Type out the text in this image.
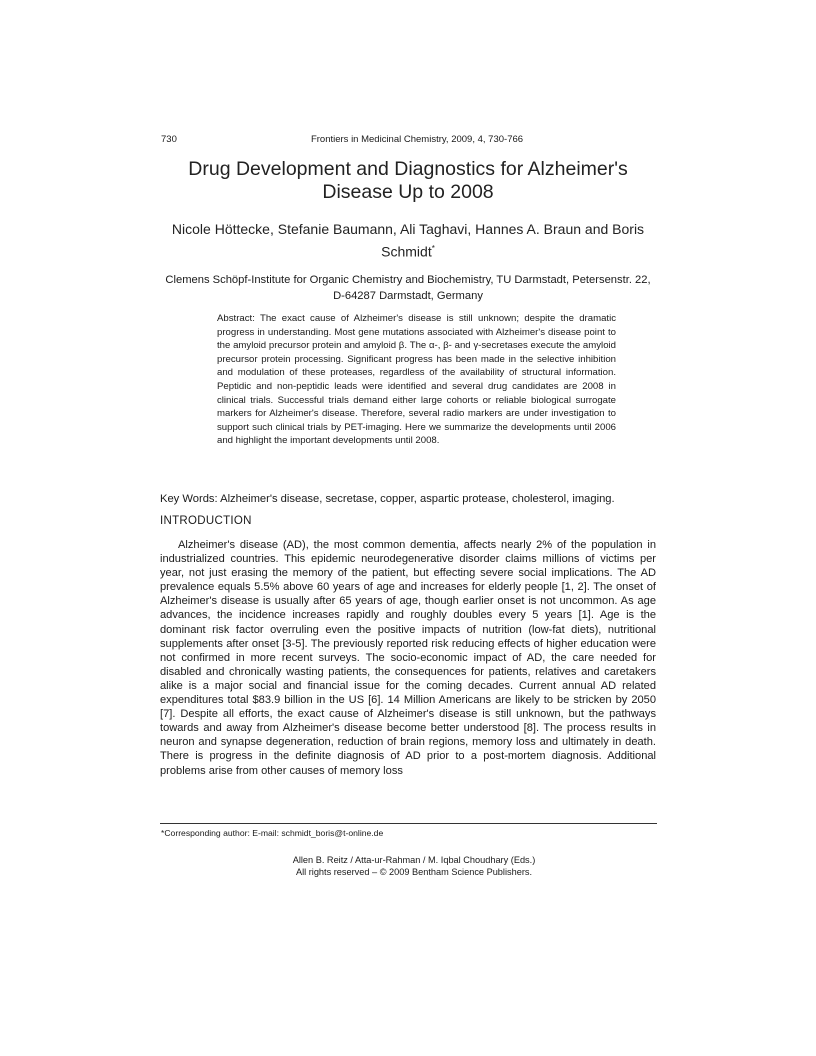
730	Frontiers in Medicinal Chemistry, 2009, 4, 730-766
Drug Development and Diagnostics for Alzheimer's Disease Up to 2008
Nicole Höttecke, Stefanie Baumann, Ali Taghavi, Hannes A. Braun and Boris Schmidt*
Clemens Schöpf-Institute for Organic Chemistry and Biochemistry, TU Darmstadt, Petersenstr. 22, D-64287 Darmstadt, Germany
Abstract: The exact cause of Alzheimer's disease is still unknown; despite the dramatic progress in understanding. Most gene mutations associated with Alzheimer's disease point to the amyloid precursor protein and amyloid β. The α-, β- and γ-secretases execute the amyloid precursor protein processing. Significant progress has been made in the selective inhibition and modulation of these proteases, regardless of the availability of structural information. Peptidic and non-peptidic leads were identified and several drug candidates are 2008 in clinical trials. Successful trials demand either large cohorts or reliable biological surrogate markers for Alzheimer's disease. Therefore, several radio markers are under investigation to support such clinical trials by PET-imaging. Here we summarize the developments until 2006 and highlight the important developments until 2008.
Key Words: Alzheimer's disease, secretase, copper, aspartic protease, cholesterol, imaging.
INTRODUCTION

Alzheimer's disease (AD), the most common dementia, affects nearly 2% of the population in industrialized countries. This epidemic neurodegenerative disorder claims millions of victims per year, not just erasing the memory of the patient, but effecting severe social implications. The AD prevalence equals 5.5% above 60 years of age and increases for elderly people [1, 2]. The onset of Alzheimer's disease is usually after 65 years of age, though earlier onset is not uncommon. As age advances, the incidence increases rapidly and roughly doubles every 5 years [1]. Age is the dominant risk factor overruling even the positive impacts of nutrition (low-fat diets), nutritional supplements after onset [3-5]. The previously reported risk reducing effects of higher education were not confirmed in more recent surveys. The socio-economic impact of AD, the care needed for disabled and chronically wasting patients, the consequences for patients, relatives and caretakers alike is a major social and financial issue for the coming decades. Current annual AD related expenditures total $83.9 billion in the US [6]. 14 Million Americans are likely to be stricken by 2050 [7]. Despite all efforts, the exact cause of Alzheimer's disease is still unknown, but the pathways towards and away from Alzheimer's disease become better understood [8]. The process results in neuron and synapse degeneration, reduction of brain regions, memory loss and ultimately in death. There is progress in the definite diagnosis of AD prior to a post-mortem diagnosis. Additional problems arise from other causes of memory loss

*Corresponding author: E-mail: schmidt_boris@t-online.de
Allen B. Reitz / Atta-ur-Rahman / M. Iqbal Choudhary (Eds.)
All rights reserved – © 2009 Bentham Science Publishers.
